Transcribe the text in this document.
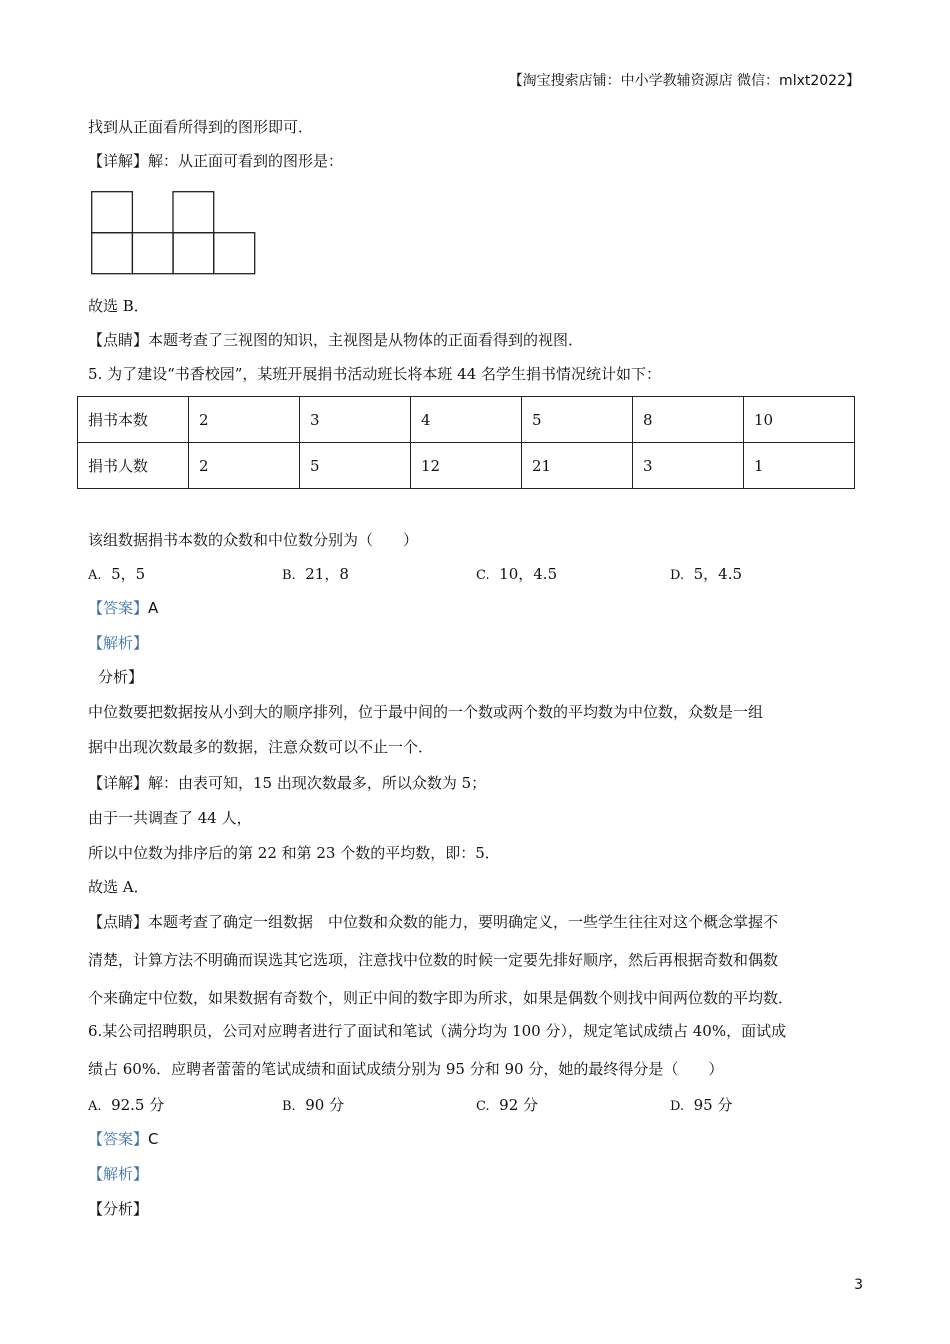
【淘宝搜索店铺：中小学教辅资源店 微信：mlxt2022】
找到从正面看所得到的图形即可．
【详解】解：从正面可看到的图形是：
故选 B．
【点睛】本题考查了三视图的知识，主视图是从物体的正面看得到的视图．
5. 为了建设“书香校园”，某班开展捐书活动班长将本班 44 名学生捐书情况统计如下：
捐书本数	2	3	4	5	8	10
捐书人数	2	5	12	21	3	1
该组数据捐书本数的众数和中位数分别为（　　）
A. 5，5	B. 21，8	C. 10，4.5	D. 5，4.5
【答案】A
【解析】
分析】
中位数要把数据按从小到大的顺序排列，位于最中间的一个数或两个数的平均数为中位数，众数是一组
据中出现次数最多的数据，注意众数可以不止一个．
【详解】解：由表可知，15 出现次数最多，所以众数为 5；
由于一共调查了 44 人，
所以中位数为排序后的第 22 和第 23 个数的平均数，即：5．
故选 A．
【点睛】本题考查了确定一组数据　中位数和众数的能力，要明确定义，一些学生往往对这个概念掌握不
清楚，计算方法不明确而误选其它选项，注意找中位数的时候一定要先排好顺序，然后再根据奇数和偶数
个来确定中位数，如果数据有奇数个，则正中间的数字即为所求，如果是偶数个则找中间两位数的平均数．
6.某公司招聘职员，公司对应聘者进行了面试和笔试（满分均为 100 分），规定笔试成绩占 40%，面试成
绩占 60%．应聘者蕾蕾的笔试成绩和面试成绩分别为 95 分和 90 分，她的最终得分是（　　）
A. 92.5 分	B. 90 分	C. 92 分	D. 95 分
【答案】C
【解析】
【分析】
3
